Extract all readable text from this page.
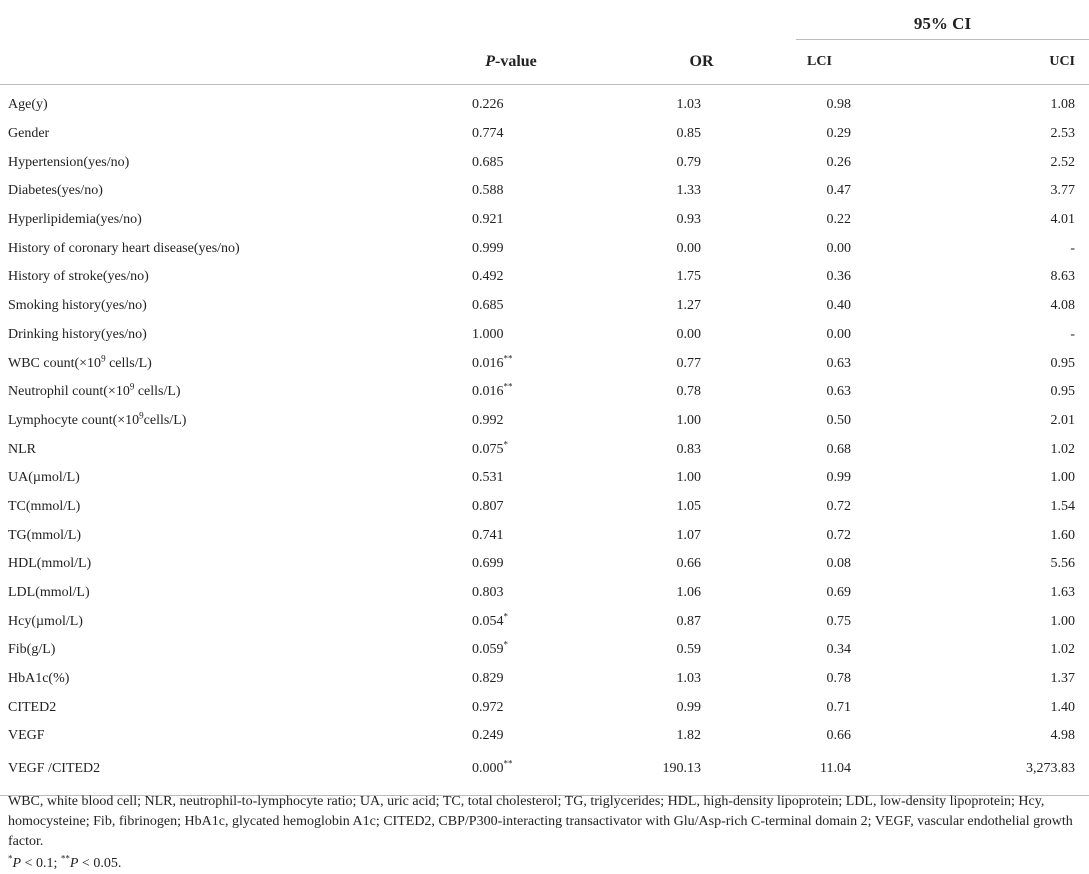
			95% CI	
	P-value	OR	LCI	UCI

Age(y)	0.226	1.03	0.98	1.08
Gender	0.774	0.85	0.29	2.53
Hypertension(yes/no)	0.685	0.79	0.26	2.52
Diabetes(yes/no)	0.588	1.33	0.47	3.77
Hyperlipidemia(yes/no)	0.921	0.93	0.22	4.01
History of coronary heart disease(yes/no)	0.999	0.00	0.00	-
History of stroke(yes/no)	0.492	1.75	0.36	8.63
Smoking history(yes/no)	0.685	1.27	0.40	4.08
Drinking history(yes/no)	1.000	0.00	0.00	-
WBC $count(\times 10^9$ cells/L)	0.016**	0.77	0.63	0.95
Neutrophil $count(\times 10^9$ cells/L)	0.016**	0.78	0.63	0.95
Lymphocyte $count(\times 10^9cells/L)$	0.992	1.00	0.50	2.01
NLR	0.075*	0.83	0.68	1.02
UA(µmol/L)	0.531	1.00	0.99	1.00
TC(mmol/L)	0.807	1.05	0.72	1.54
TG(mmol/L)	0.741	1.07	0.72	1.60
HDL(mmol/L)	0.699	0.66	0.08	5.56
LDL(mmol/L)	0.803	1.06	0.69	1.63
Hcy(µmol/L)	0.054*	0.87	0.75	1.00
Fib(g/L)	0.059*	0.59	0.34	1.02
HbA1c(%)	0.829	1.03	0.78	1.37
CITED2	0.972	0.99	0.71	1.40
VEGF	0.249	1.82	0.66	4.98
VEGF /CITED2	0.000**	190.13	11.04	3,273.83

WBC, white blood cell; NLR, neutrophil-to-lymphocyte ratio; UA, uric acid; TC, total cholesterol; TG, triglycerides; HDL, high-density lipoprotein; LDL, low-density lipoprotein; Hcy, homocysteine; Fib, fibrinogen; HbA1c, glycated hemoglobin A1c; CITED2, CBP/P300-interacting transactivator with Glu/Asp-rich C-terminal domain 2; VEGF, vascular endothelial growth factor.

*P < 0.1; **P < 0.05.
